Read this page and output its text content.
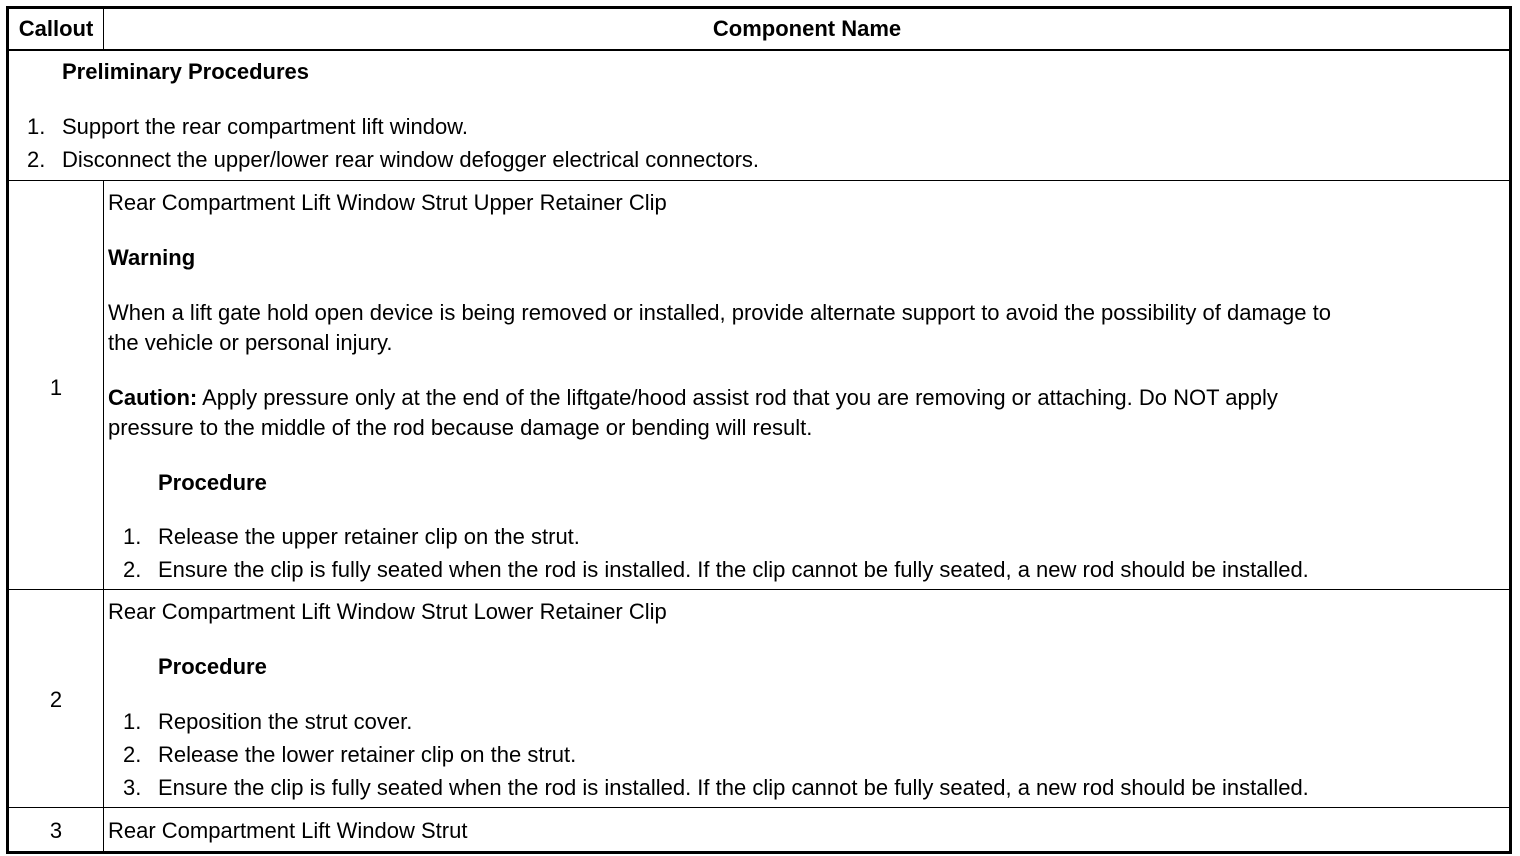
Callout	Component Name
Preliminary Procedures
1. Support the rear compartment lift window.
2. Disconnect the upper/lower rear window defogger electrical connectors.
1
Rear Compartment Lift Window Strut Upper Retainer Clip
Warning
When a lift gate hold open device is being removed or installed, provide alternate support to avoid the possibility of damage to
the vehicle or personal injury.
Caution: Apply pressure only at the end of the liftgate/hood assist rod that you are removing or attaching. Do NOT apply
pressure to the middle of the rod because damage or bending will result.
Procedure
1. Release the upper retainer clip on the strut.
2. Ensure the clip is fully seated when the rod is installed. If the clip cannot be fully seated, a new rod should be installed.
2
Rear Compartment Lift Window Strut Lower Retainer Clip
Procedure
1. Reposition the strut cover.
2. Release the lower retainer clip on the strut.
3. Ensure the clip is fully seated when the rod is installed. If the clip cannot be fully seated, a new rod should be installed.
3	Rear Compartment Lift Window Strut
